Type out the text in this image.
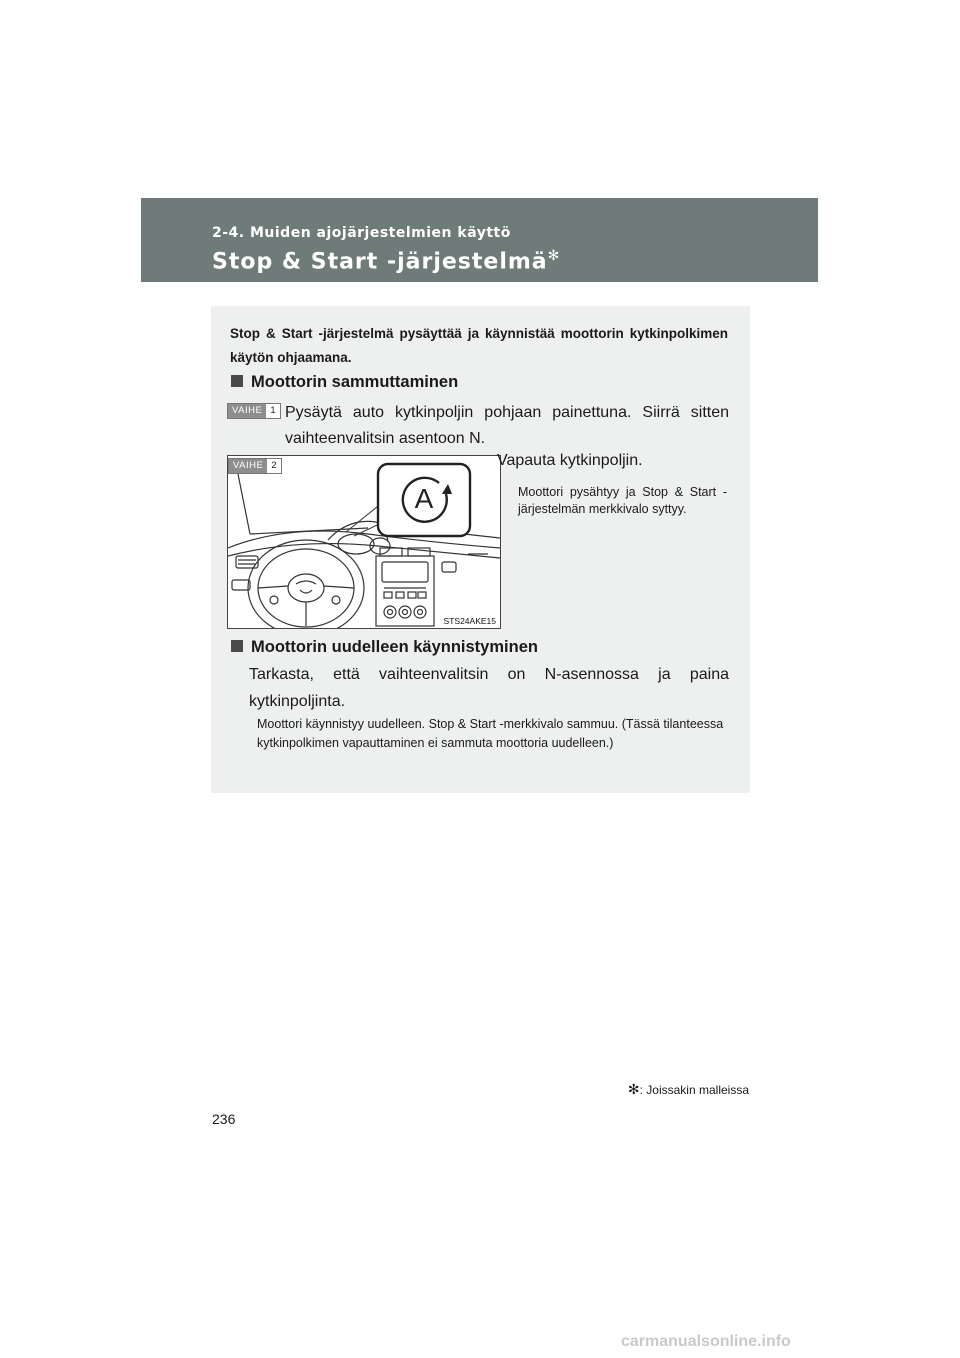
2-4. Muiden ajojärjestelmien käyttö
Stop & Start -järjestelmä✻
Stop & Start -järjestelmä pysäyttää ja käynnistää moottorin kytkinpolkimen käytön ohjaamana.
Moottorin sammuttaminen
VAIHE 1 Pysäytä auto kytkinpoljin pohjaan painettuna. Siirrä sitten vaihteenvalitsin asentoon N.
A
VAIHE 2
STS24AKE15
Vapauta kytkinpoljin.
Moottori pysähtyy ja Stop & Start -järjestelmän merkkivalo syttyy.
Moottorin uudelleen käynnistyminen
Tarkasta, että vaihteenvalitsin on N-asennossa ja paina kytkinpoljinta.
Moottori käynnistyy uudelleen. Stop & Start -merkkivalo sammuu. (Tässä tilanteessa kytkinpolkimen vapauttaminen ei sammuta moottoria uudelleen.)
✻: Joissakin malleissa
236
carmanualsonline.info
